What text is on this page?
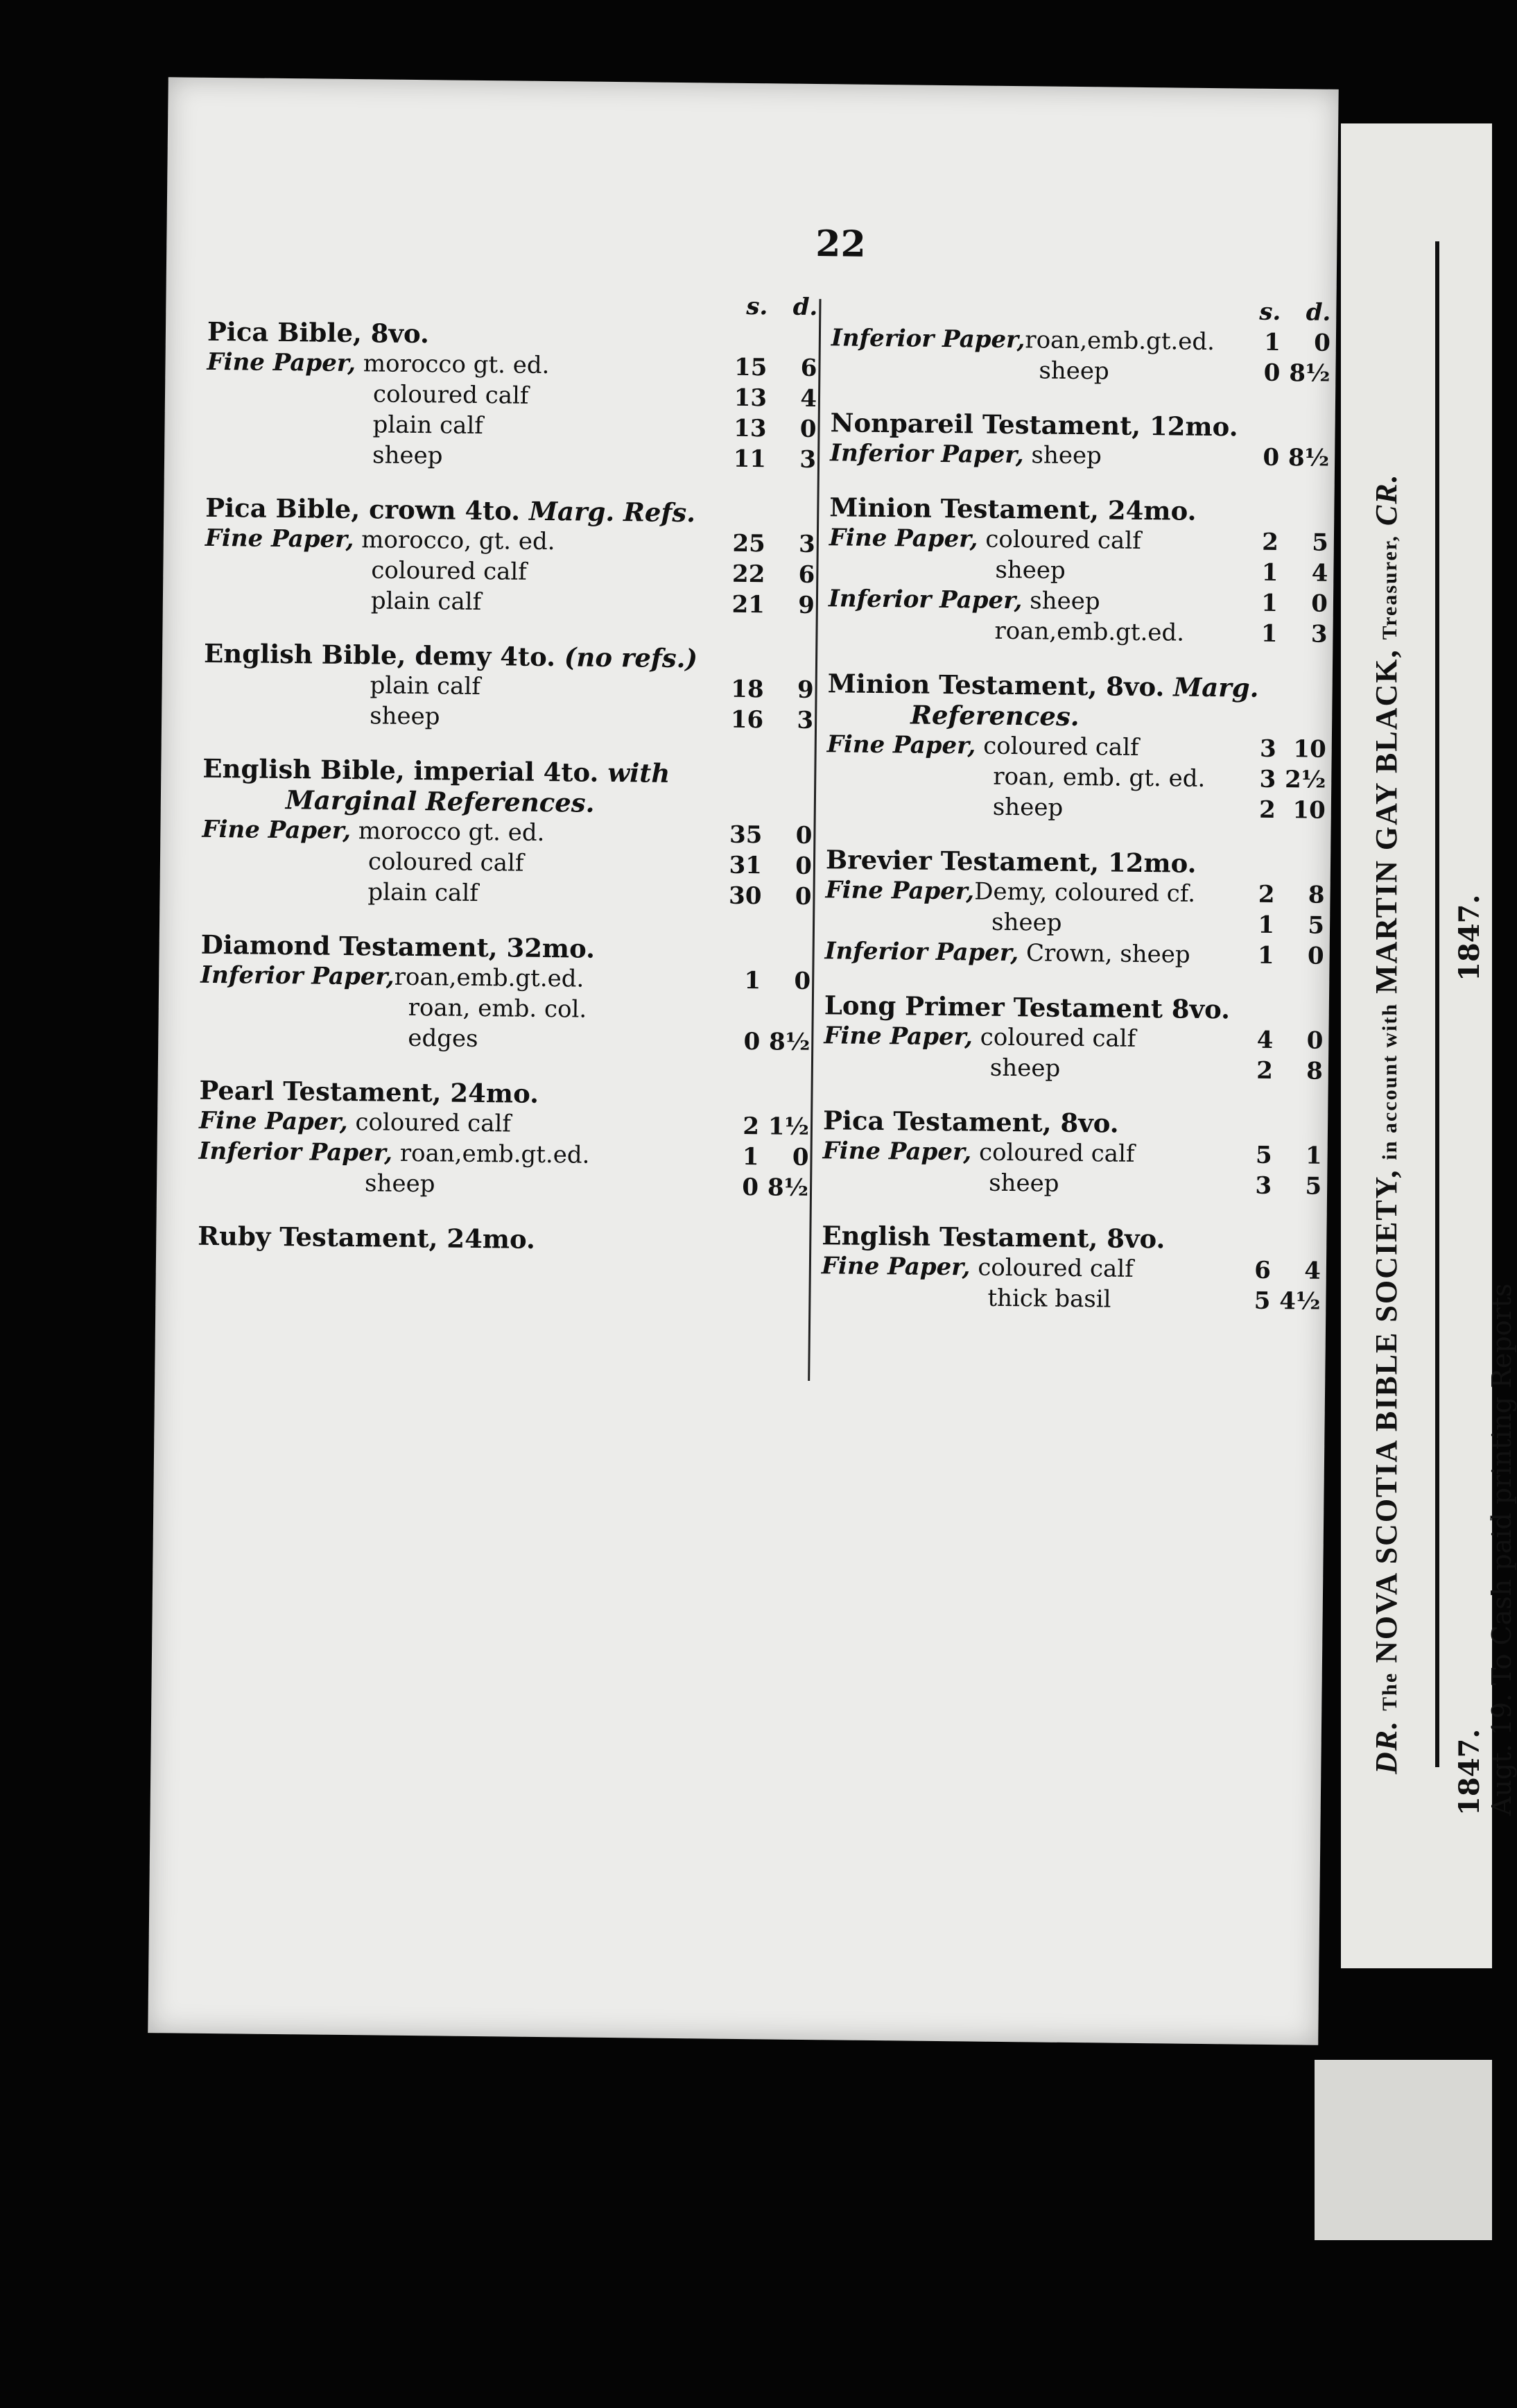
22
s.	d.
Pica Bible, 8vo.
Fine Paper, morocco gt. ed.	15	6
coloured calf	13	4
plain calf	13	0
sheep	11	3
Pica Bible, crown 4to. Marg. Refs.
Fine Paper, morocco, gt. ed.	25	3
coloured calf	22	6
plain calf	21	9
English Bible, demy 4to. (no refs.)
plain calf	18	9
sheep	16	3
English Bible, imperial 4to. with
Marginal References.
Fine Paper, morocco gt. ed.	35	0
coloured calf	31	0
plain calf	30	0
Diamond Testament, 32mo.
Inferior Paper,roan,emb.gt.ed.	1	0
roan, emb. col.
edges	0 8½
Pearl Testament, 24mo.
Fine Paper, coloured calf	2 1½
Inferior Paper, roan,emb.gt.ed.	1	0
sheep	0 8½
Ruby Testament, 24mo.
s.	d.
Inferior Paper,roan,emb.gt.ed.	1	0
sheep	0 8½
Nonpareil Testament, 12mo.
Inferior Paper, sheep	0 8½
Minion Testament, 24mo.
Fine Paper, coloured calf	2	5
sheep	1	4
Inferior Paper, sheep	1	0
roan,emb.gt.ed.	1	3
Minion Testament, 8vo. Marg.
References.
Fine Paper, coloured calf	3 10
roan, emb. gt. ed.	3 2½
sheep	2 10
Brevier Testament, 12mo.
Fine Paper,Demy, coloured cf.	2	8
sheep	1	5
Inferior Paper, Crown, sheep	1	0
Long Primer Testament 8vo.
Fine Paper, coloured calf	4	0
sheep	2	8
Pica Testament, 8vo.
Fine Paper, coloured calf	5	1
sheep	3	5
English Testament, 8vo.
Fine Paper, coloured calf	6	4
thick basil	5 4½
DR. The NOVA SCOTIA BIBLE SOCIETY, in account with MARTIN GAY BLACK, Treasurer, CR.
1847.  1847.
Augt. 19. To Cash paid printing Reports
